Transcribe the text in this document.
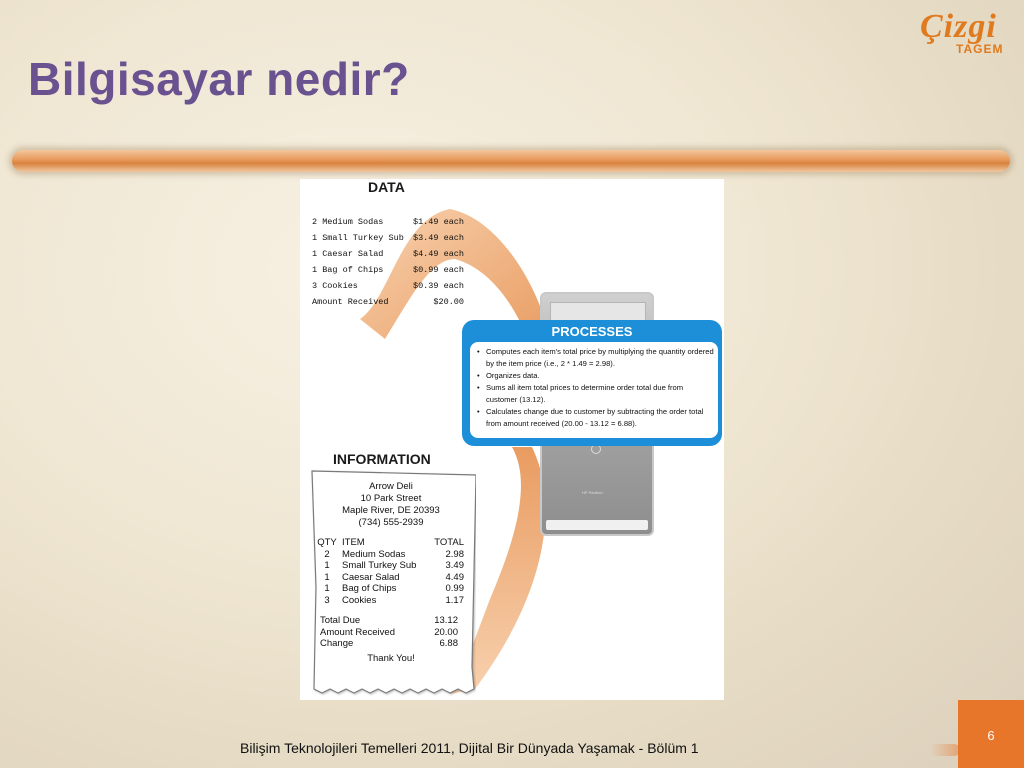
Bilgisayar nedir?
Çizgi
TAGEM
DATA
2 Medium Sodas	$1.49 each
1 Small Turkey Sub $3.49 each
1 Caesar Salad	$4.49 each
1 Bag of Chips	$0.99 each
3 Cookies	$0.39 each
Amount Received	$20.00
HP Pavilion
PROCESSES
• Computes each item's total price by multiplying the quantity ordered by the item price (i.e., 2 * 1.49 = 2.98).
• Organizes data.
• Sums all item total prices to determine order total due from customer (13.12).
• Calculates change due to customer by subtracting the order total from amount received (20.00 - 13.12 = 6.88).
INFORMATION
Arrow Deli
10 Park Street
Maple River, DE 20393
(734) 555-2939
QTY ITEM	TOTAL
2 Medium Sodas	2.98
1 Small Turkey Sub	3.49
1 Caesar Salad	4.49
1 Bag of Chips	0.99
3 Cookies	1.17
Total Due	13.12
Amount Received	20.00
Change	6.88
Thank You!
Bilişim Teknolojileri Temelleri 2011, Dijital Bir Dünyada Yaşamak - Bölüm 1
6
